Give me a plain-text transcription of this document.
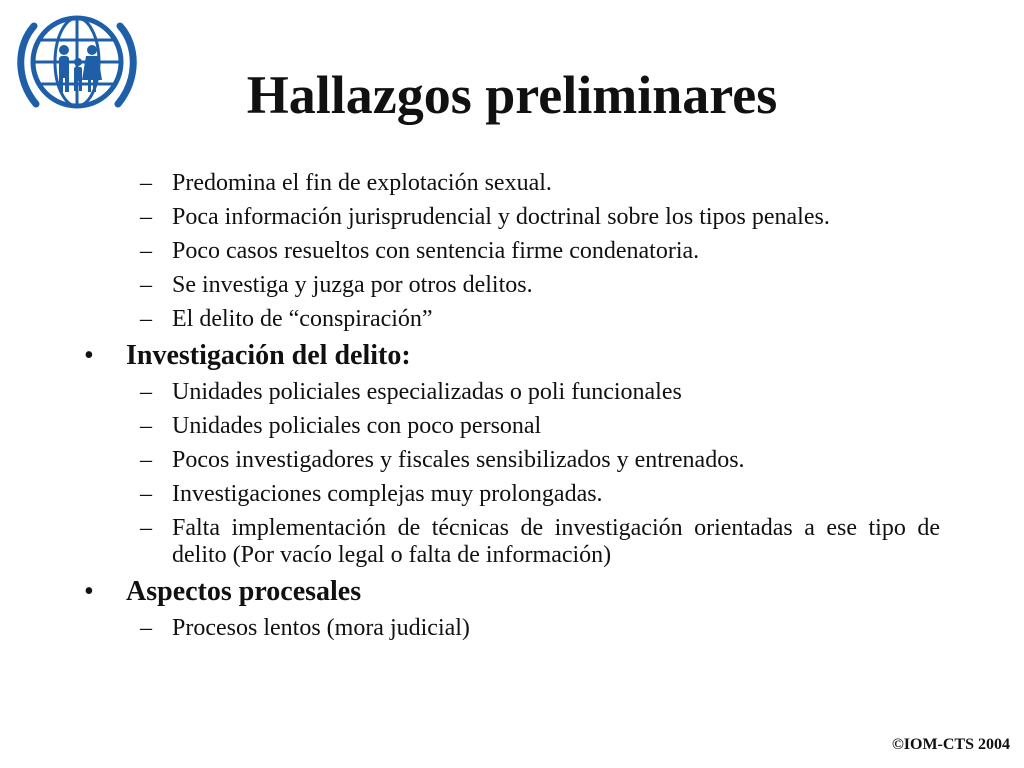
Hallazgos preliminares
– Predomina el fin de explotación sexual.
– Poca información jurisprudencial y doctrinal sobre los tipos penales.
– Poco casos resueltos con sentencia firme condenatoria.
– Se investiga y juzga por otros delitos.
– El delito de “conspiración”
• Investigación del delito:
– Unidades policiales especializadas o poli funcionales
– Unidades policiales con poco personal
– Pocos investigadores y fiscales sensibilizados y entrenados.
– Investigaciones complejas muy prolongadas.
– Falta implementación de técnicas de investigación orientadas a ese tipo de delito (Por vacío legal o falta de información)
• Aspectos procesales
– Procesos lentos (mora judicial)
©IOM-CTS 2004
